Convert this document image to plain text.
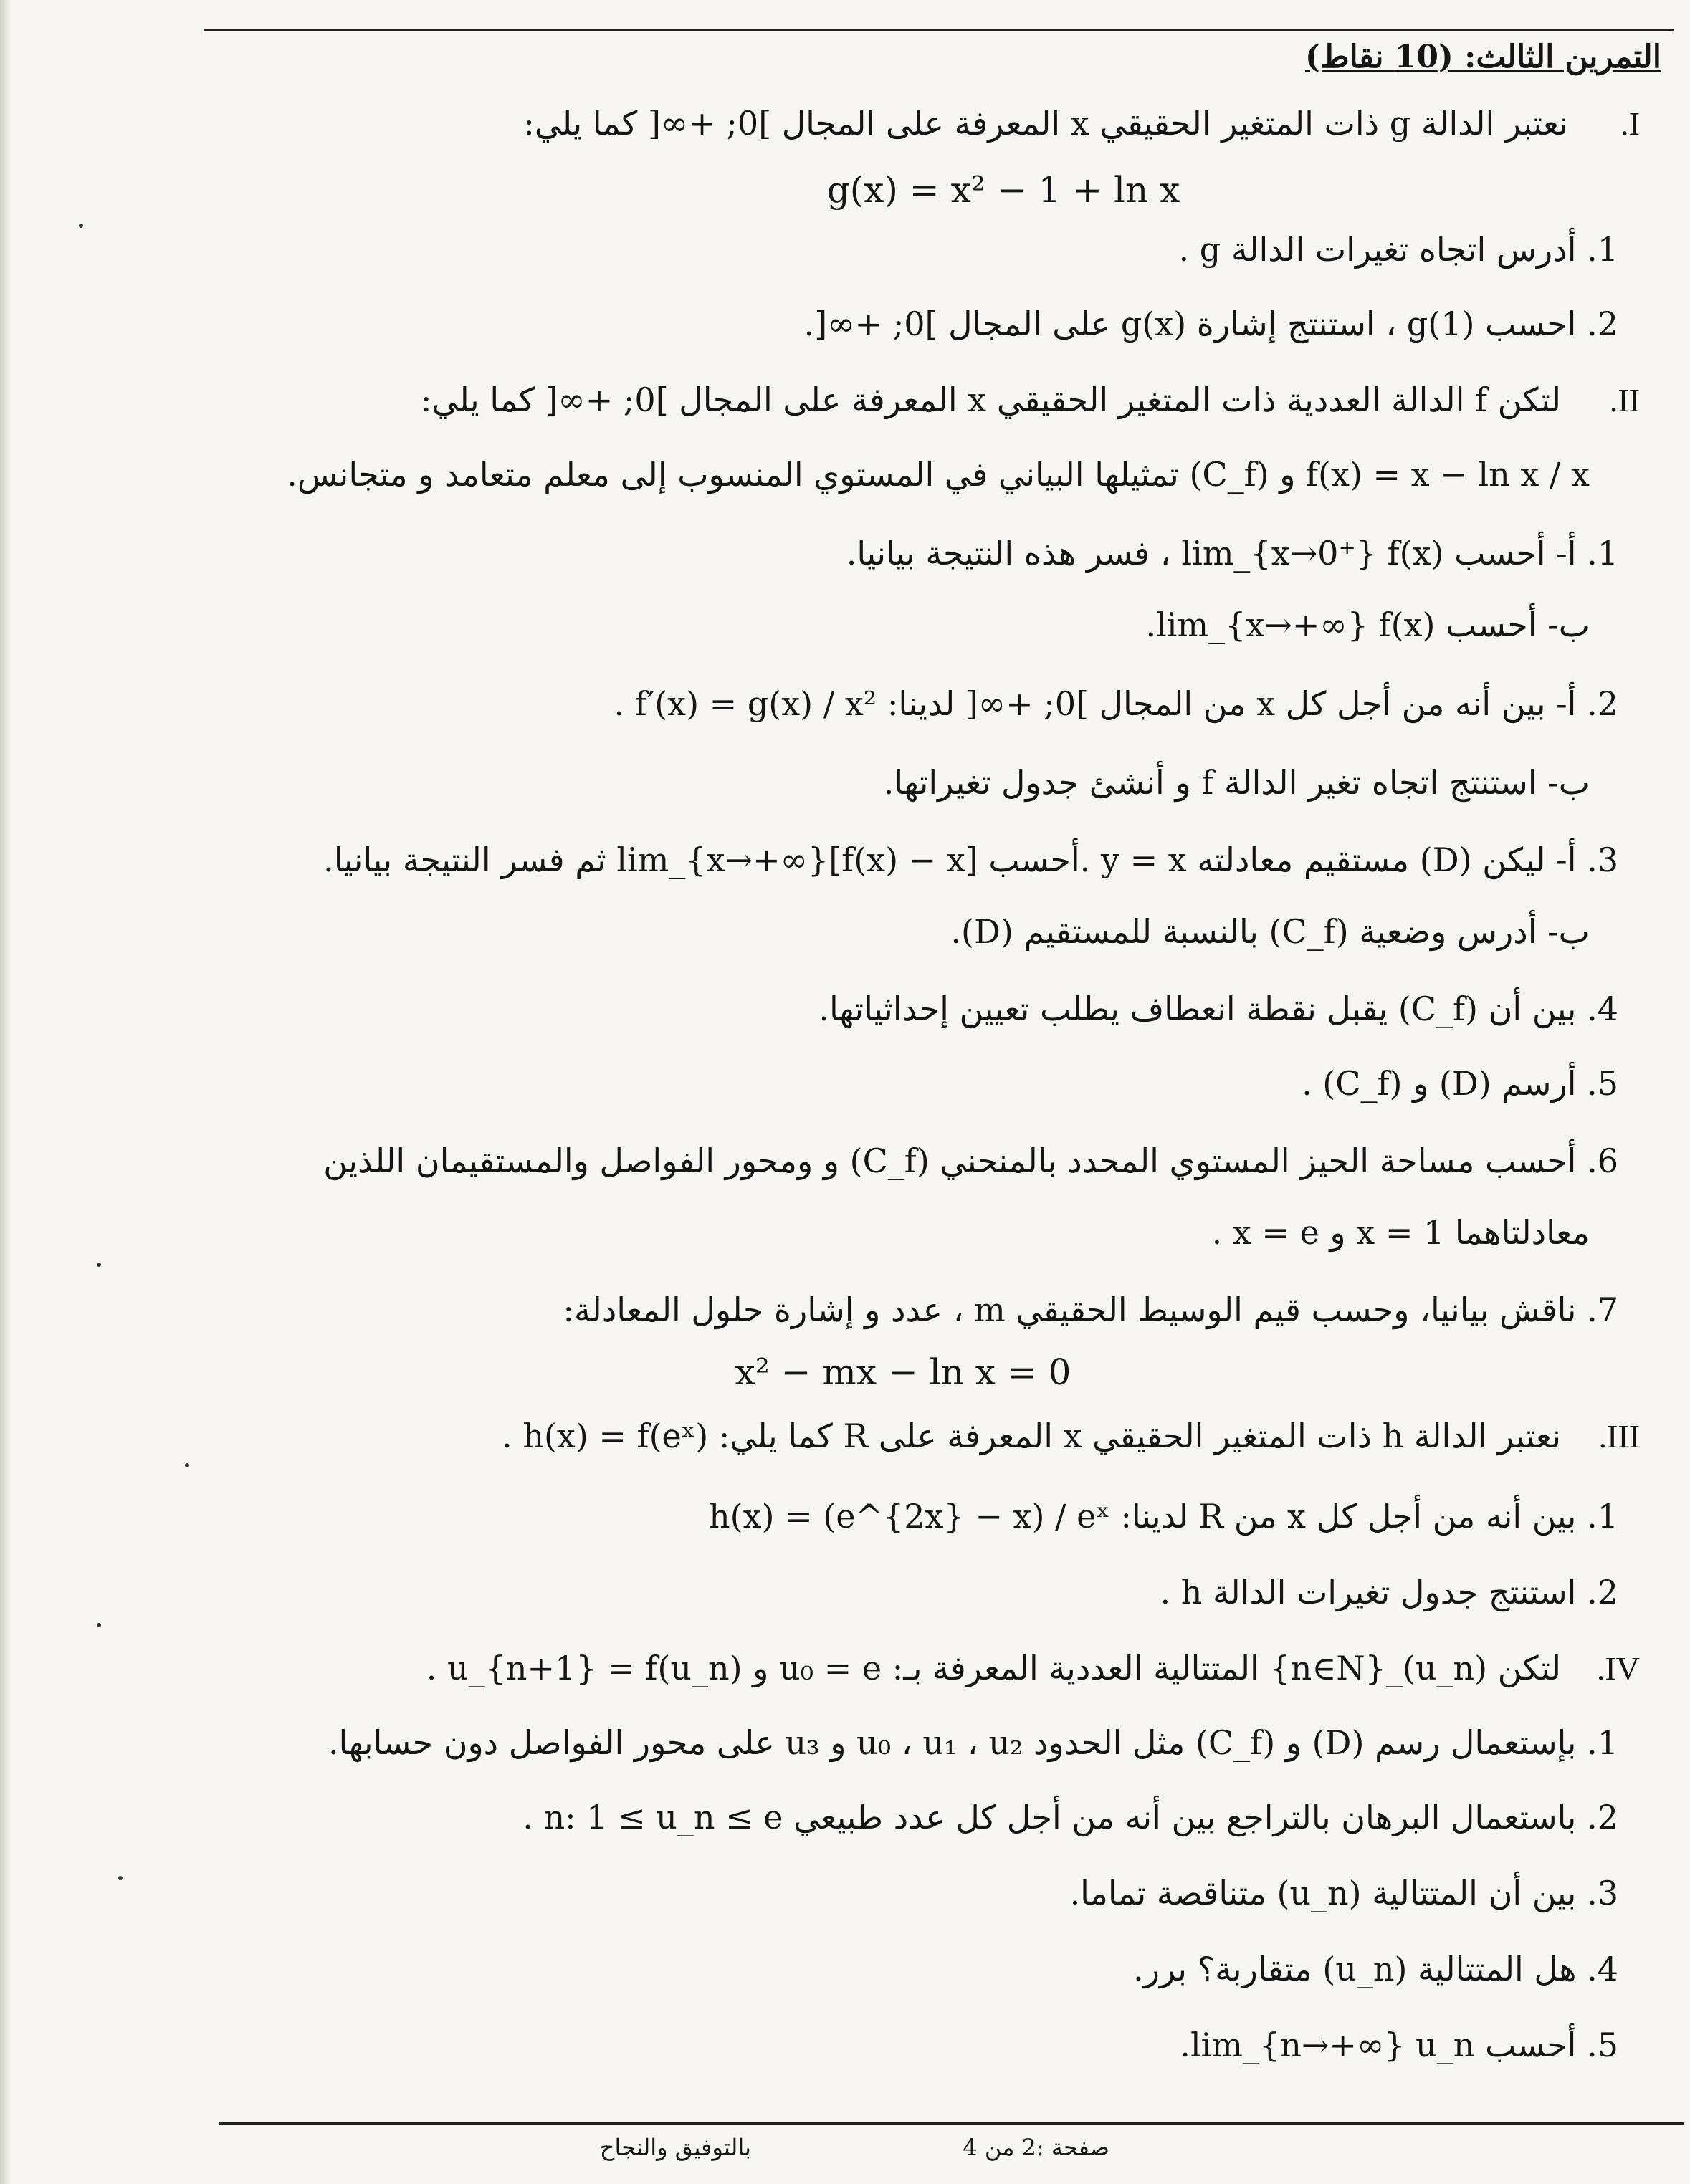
التمرين الثالث: (10 نقاط)
I.
نعتبر الدالة g ذات المتغير الحقيقي x المعرفة على المجال ]0; +∞[ كما يلي:
g(x) = x² − 1 + ln x
1. أدرس اتجاه تغيرات الدالة g .
2. احسب g(1) ، استنتج إشارة g(x) على المجال ]0; +∞[.
II.
لتكن f الدالة العددية ذات المتغير الحقيقي x المعرفة على المجال ]0; +∞[ كما يلي:
f(x) = x − ln x / x و (C_f) تمثيلها البياني في المستوي المنسوب إلى معلم متعامد و متجانس.
1. أ- أحسب lim_{x→0⁺} f(x) ، فسر هذه النتيجة بيانيا.
ب- أحسب lim_{x→+∞} f(x).
2. أ- بين أنه من أجل كل x من المجال ]0; +∞[ لدينا: f′(x) = g(x) / x² .
ب- استنتج اتجاه تغير الدالة f و أنشئ جدول تغيراتها.
3. أ- ليكن (D) مستقيم معادلته y = x .أحسب lim_{x→+∞}[f(x) − x] ثم فسر النتيجة بيانيا.
ب- أدرس وضعية (C_f) بالنسبة للمستقيم (D).
4. بين أن (C_f) يقبل نقطة انعطاف يطلب تعيين إحداثياتها.
5. أرسم (D) و (C_f) .
6. أحسب مساحة الحيز المستوي المحدد بالمنحني (C_f) و ومحور الفواصل والمستقيمان اللذين
معادلتاهما x = 1 و x = e .
7. ناقش بيانيا، وحسب قيم الوسيط الحقيقي m ، عدد و إشارة حلول المعادلة:
x² − mx − ln x = 0
III.
نعتبر الدالة h ذات المتغير الحقيقي x المعرفة على R كما يلي: h(x) = f(eˣ) .
1. بين أنه من أجل كل x من R لدينا: h(x) = (e^{2x} − x) / eˣ
2. استنتج جدول تغيرات الدالة h .
IV.
لتكن (u_n)_{n∈N} المتتالية العددية المعرفة بـ: u₀ = e و u_{n+1} = f(u_n) .
1. بإستعمال رسم (D) و (C_f) مثل الحدود u₀ ، u₁ ، u₂ و u₃ على محور الفواصل دون حسابها.
2. باستعمال البرهان بالتراجع بين أنه من أجل كل عدد طبيعي n: 1 ≤ u_n ≤ e .
3. بين أن المتتالية (u_n) متناقصة تماما.
4. هل المتتالية (u_n) متقاربة؟ برر.
5. أحسب lim_{n→+∞} u_n.
صفحة :2 من 4
بالتوفيق والنجاح
